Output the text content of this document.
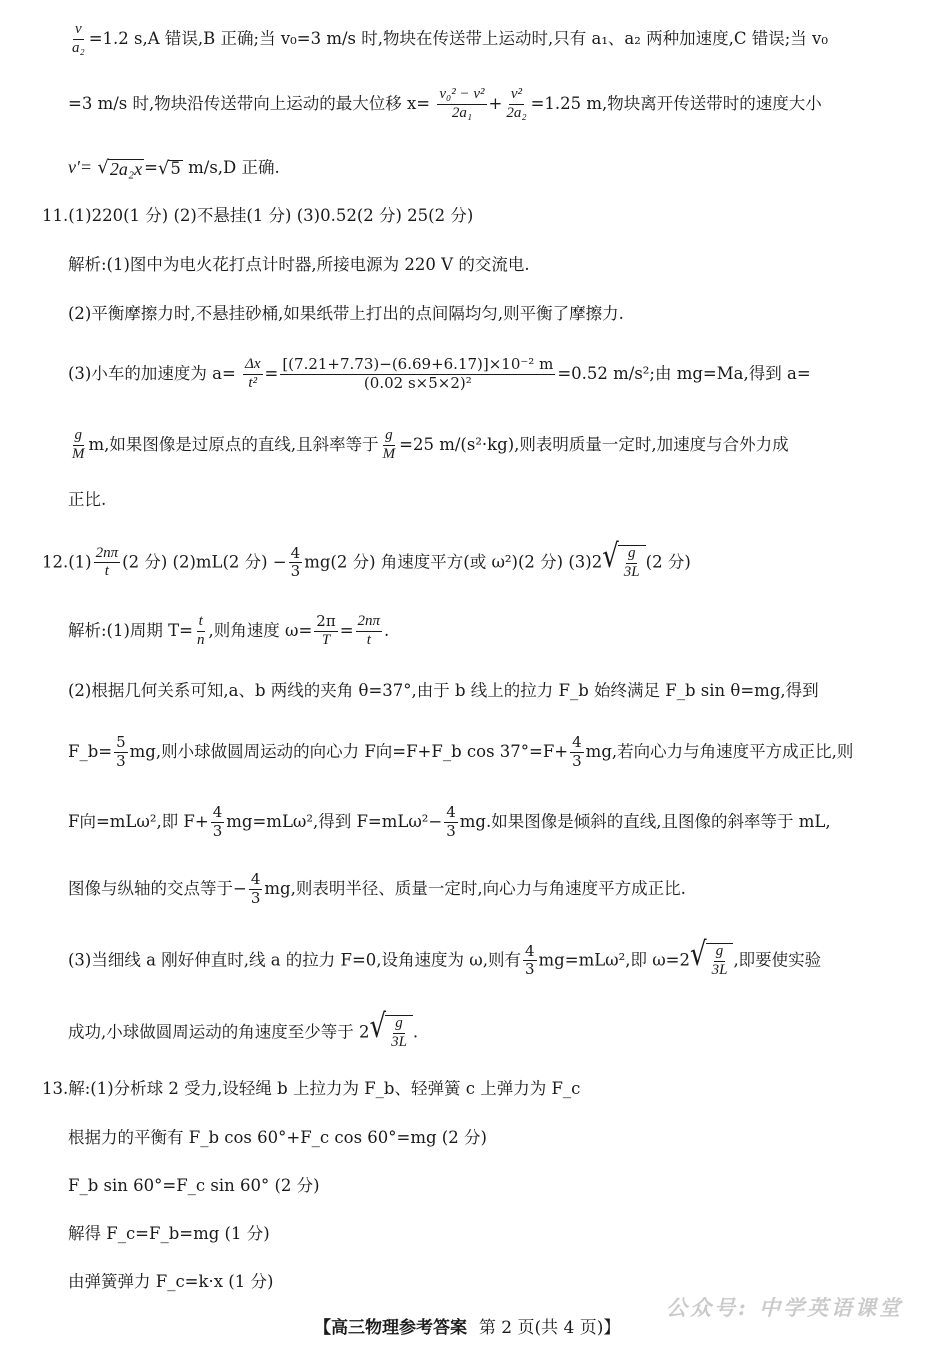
$\frac{v}{\text{a₂}} =1.2$ s,A 错误,B 正确;当 v₀=3 m/s 时,物块在传送带上运动时,只有 a₁、a₂ 两种加速度,C 错误;当 v₀
=3 m/s 时,物块沿传送带向上运动的最大位移 $x= \frac{\text{v₀² − v²}}{\text{2a₁}} + \frac{\text{v²}}{\text{2a₂}} =1.25$ m,物块离开传送带时的速度大小
v′= √ 2a₂x = √ 5 m/s,D 正确.
11.(1)220(1 分) (2)不悬挂(1 分) (3)0.52(2 分) 25(2 分)
解析:(1)图中为电火花打点计时器,所接电源为 220 V 的交流电.
(2)平衡摩擦力时,不悬挂砂桶,如果纸带上打出的点间隔均匀,则平衡了摩擦力.
(3)小车的加速度为 $a= \frac{\Delta x}{\text{t²}} = \frac{\text{[(7.21+7.73)−(6.69+6.17)]×10⁻² m}}{\text{(0.02 s×5×2)²}} =0.52$ m/s²;由 mg=Ma,得到 a=
$\frac{g}{M} m$,如果图像是过原点的直线,且斜率等于 $\frac{g}{M} =25$ m/(s²·kg),则表明质量一定时,加速度与合外力成
正比.
$12.(1) \frac{2n\pi}{t} (2$ 分) (2)mL(2 分) − $\frac{4}{3} mg(2$ 分) 角速度平方(或 ω²)(2 分) (3)2 √ $\frac{g}{3L} (2$ 分)
解析:(1)周期 $T= \frac{t}{n}$ ,则角速度 $\omega= \frac{2\pi}{T} = \frac{2n\pi}{t}$ .
(2)根据几何关系可知,a、b 两线的夹角 θ=37°,由于 b 线上的拉力 F_b 始终满足 F_b sin θ=mg,得到
F_b= $\frac{5}{3}$ mg,则小球做圆周运动的向心力 F向=F+F_b $\cos 37^\circ=F+ \frac{4}{3}$ mg,若向心力与角速度平方成正比,则
F向=mLω²,即 $F+ \frac{4}{3} mg=mL\omega^2$,得到 $F=mL\omega^2- \frac{4}{3}$ mg.如果图像是倾斜的直线,且图像的斜率等于 mL,
图像与纵轴的交点等于− $\frac{4}{3}$ mg,则表明半径、质量一定时,向心力与角速度平方成正比.
(3)当细线 a 刚好伸直时,线 a 的拉力 F=0,设角速度为 ω,则有 $\frac{4}{3} mg=mL\omega^2$,即 ω=2 √ $\frac{g}{3L}$ ,即要使实验
成功,小球做圆周运动的角速度至少等于 2 √ $\frac{g}{3L}$ .
13.解:(1)分析球 2 受力,设轻绳 b 上拉力为 F_b、轻弹簧 c 上弹力为 F_c
根据力的平衡有 F_b cos 60°+F_c cos 60°=mg (2 分)
F_b sin 60°=F_c sin 60° (2 分)
解得 F_c=F_b=mg (1 分)
由弹簧弹力 F_c=k·x (1 分)
【高三物理参考答案 第 2 页(共 4 页)】
公众号: 中学英语课堂
